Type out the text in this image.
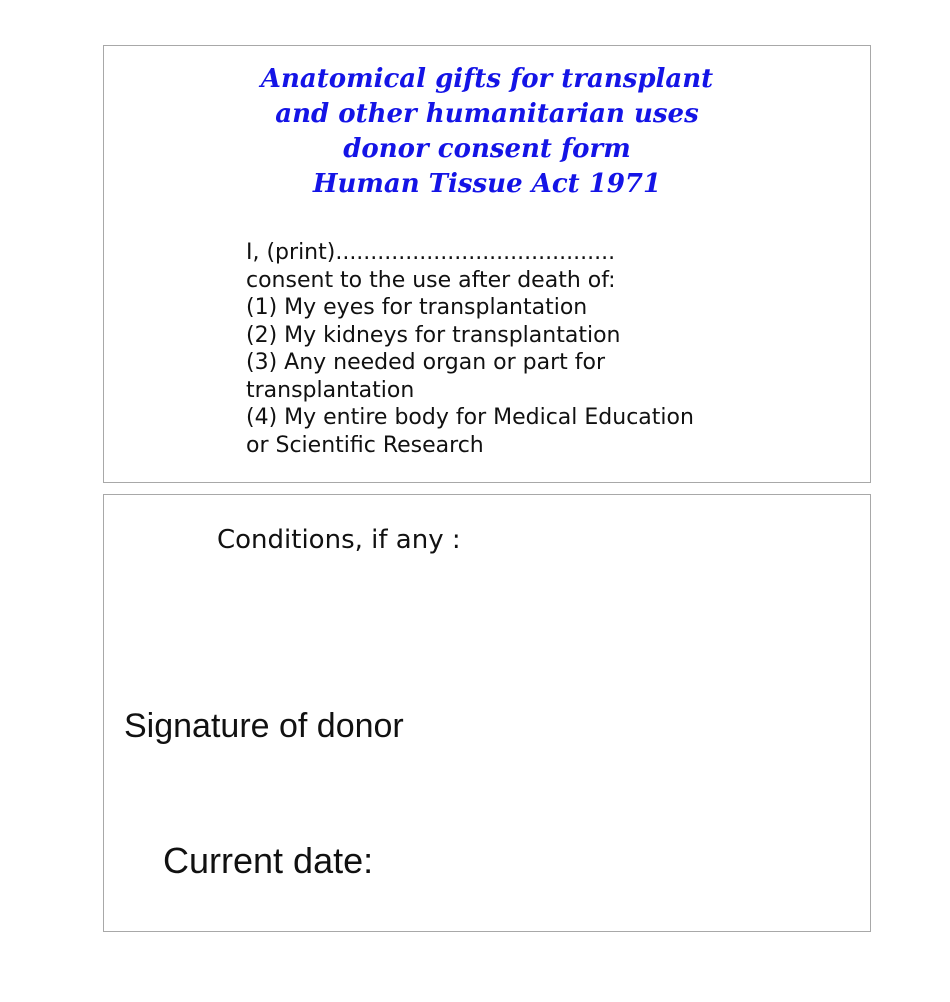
Anatomical gifts for transplant
and other humanitarian uses
donor consent form
Human Tissue Act 1971
I, (print)........................................
consent to the use after death of:
(1) My eyes for transplantation
(2) My kidneys for transplantation
(3) Any needed organ or part for
transplantation
(4) My entire body for Medical Education
or Scientific Research
Conditions, if any :
Signature of donor
Current date:
